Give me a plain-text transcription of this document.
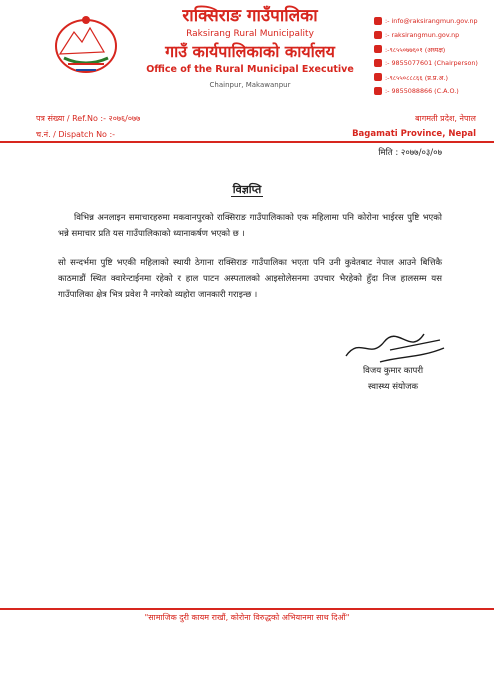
राक्सिराङ गाउँपालिका
Raksirang Rural Municipality
गाउँ कार्यपालिकाको कार्यालय
Office of the Rural Municipal Executive
Chainpur, Makawanpur
:- info@raksirangmun.gov.np
:- raksirangmun.gov.np
:-९८५५०७७६०१ (अध्यक्ष)
:- 9855077601 (Chairperson)
:-९८५५०८८८६६ (प्र.प्र.अ.)
:- 9855088866 (C.A.O.)
पत्र संख्या / Ref.No :- २०७६/०७७
च.नं. / Dispatch No :-
बागमती प्रदेश, नेपाल
Bagamati Province, Nepal
मिति : २०७७/०३/०७
विज्ञप्ति
विभिन्न अनलाइन समाचारहरुमा मकवानपुरको राक्सिराङ गाउँपालिकाको एक महिलामा पनि कोरोना भाईरस पुष्टि भएको भन्ने समाचार प्रति यस गाउँपालिकाको ध्यानाकर्षण भएको छ ।
सो सन्दर्भमा पुष्टि भएकी महिलाको स्थायी ठेगाना राक्सिराङ गाउँपालिका भएता पनि उनी कुवेतबाट नेपाल आउने बित्तिकै काठमाडौं स्थित क्वारेन्टाईनमा रहेको र हाल पाटन अस्पतालको आइसोलेसनमा उपचार भैरहेको हुँदा निज हालसम्म यस गाउँपालिका क्षेत्र भित्र प्रवेश नै नगरेको व्यहोरा जानकारी गराइन्छ ।
विजय कुमार कापरी
स्वास्थ्य संयोजक
"सामाजिक दुरी कायम राखौं, कोरोना विरुद्धको अभियानमा साथ दिऔं"
